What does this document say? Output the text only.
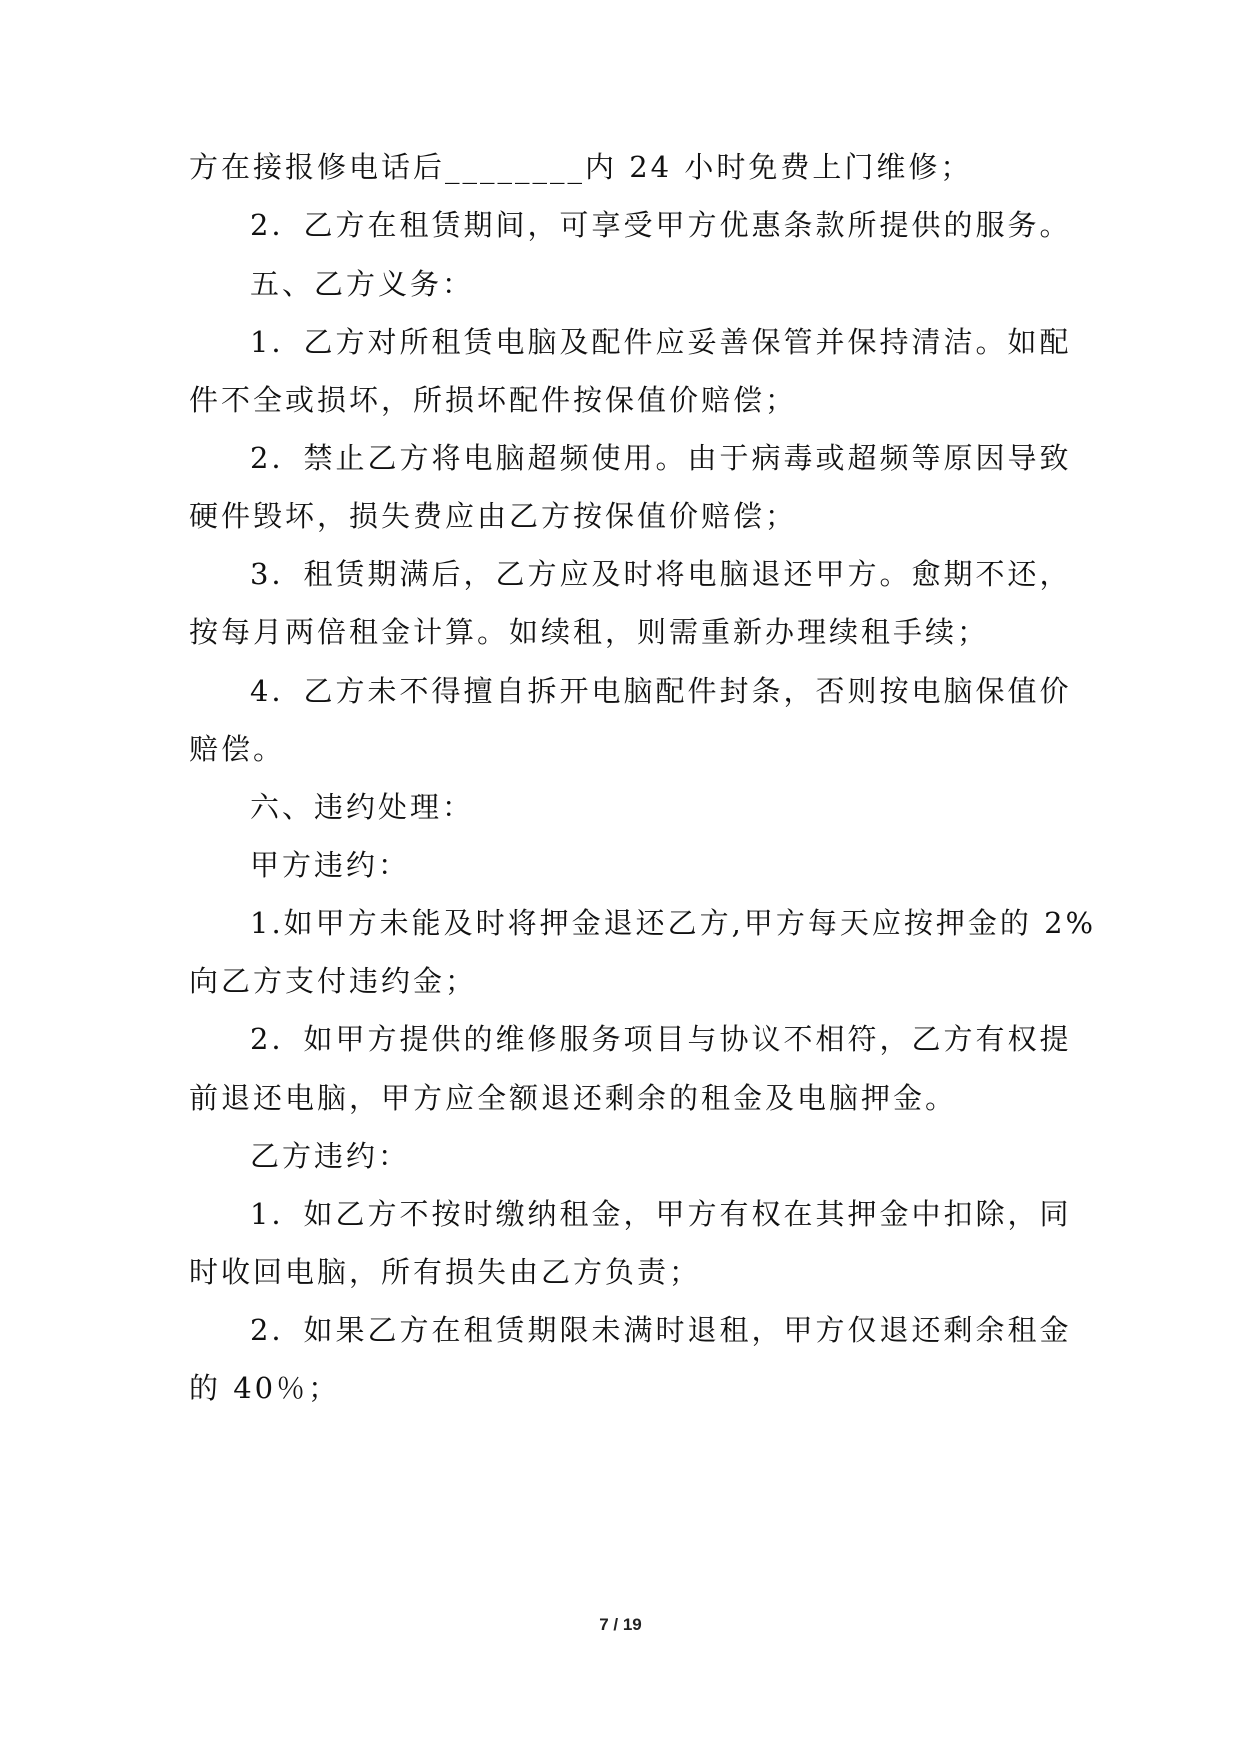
方在接报修电话后________内 24 小时免费上门维修；
2．乙方在租赁期间，可享受甲方优惠条款所提供的服务。
五、乙方义务：
1．乙方对所租赁电脑及配件应妥善保管并保持清洁。如配
件不全或损坏，所损坏配件按保值价赔偿；
2．禁止乙方将电脑超频使用。由于病毒或超频等原因导致
硬件毁坏，损失费应由乙方按保值价赔偿；
3．租赁期满后，乙方应及时将电脑退还甲方。愈期不还，
按每月两倍租金计算。如续租，则需重新办理续租手续；
4．乙方未不得擅自拆开电脑配件封条，否则按电脑保值价
赔偿。
六、违约处理：
甲方违约：
1.如甲方未能及时将押金退还乙方,甲方每天应按押金的 2%
向乙方支付违约金；
2．如甲方提供的维修服务项目与协议不相符，乙方有权提
前退还电脑，甲方应全额退还剩余的租金及电脑押金。
乙方违约：
1．如乙方不按时缴纳租金，甲方有权在其押金中扣除，同
时收回电脑，所有损失由乙方负责；
2．如果乙方在租赁期限未满时退租，甲方仅退还剩余租金
的 40％；
7 / 19
